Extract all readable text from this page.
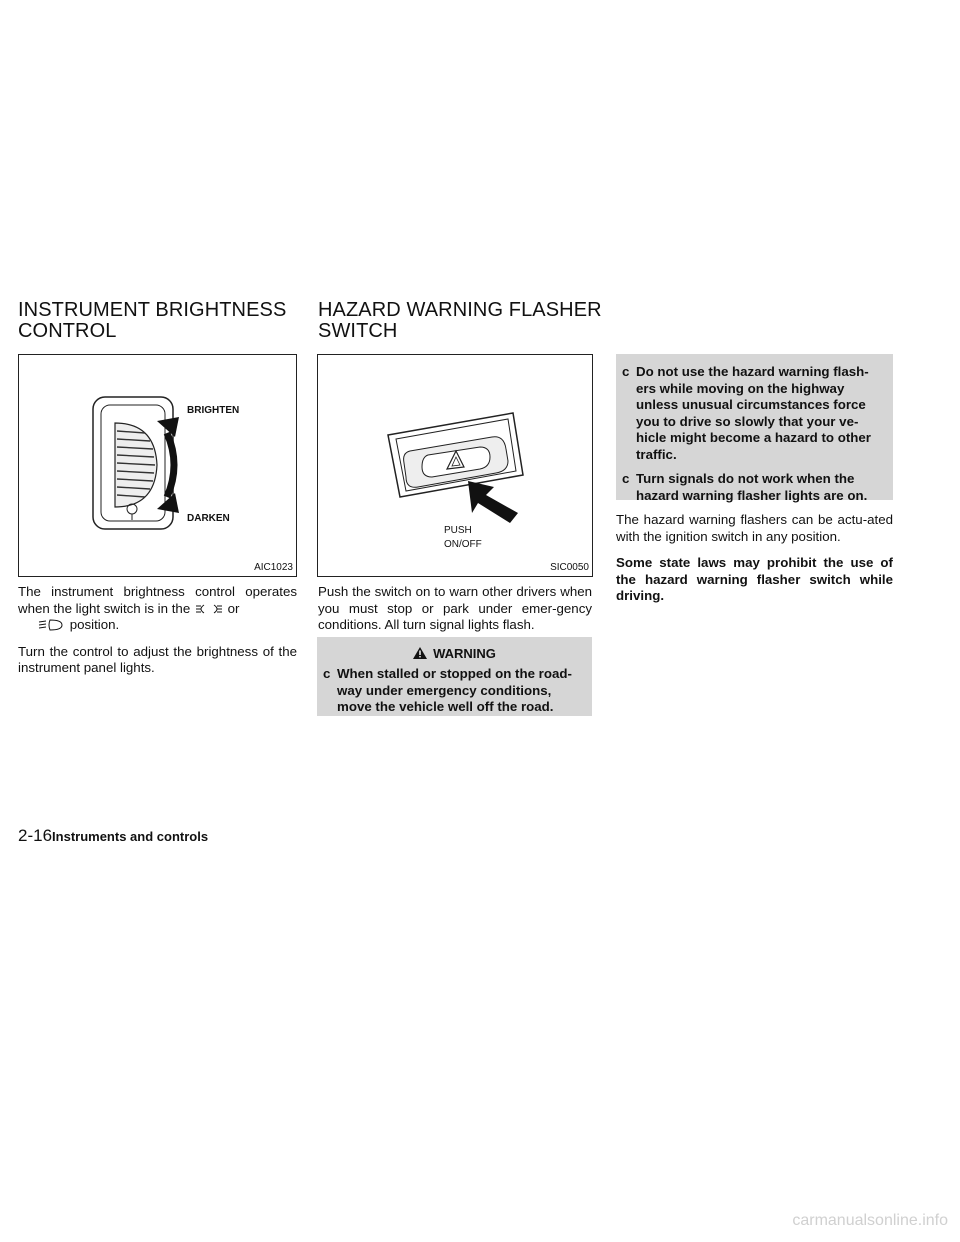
INSTRUMENT BRIGHTNESS
CONTROL
HAZARD WARNING FLASHER
SWITCH
BRIGHTEN
DARKEN
AIC1023
PUSH
ON/OFF
SIC0050

The instrument brightness control operates when the light switch is in the	or
position.

Turn the control to adjust the brightness of the instrument panel lights.

Push the switch on to warn other drivers when you must stop or park under emer-gency conditions. All turn signal lights flash.

WARNING
c When stalled or stopped on the road-way under emergency conditions, move the vehicle well off the road.
c Do not use the hazard warning flash-ers while moving on the highway unless unusual circumstances force you to drive so slowly that your ve-hicle might become a hazard to other traffic.
c Turn signals do not work when the hazard warning flasher lights are on.

The hazard warning flashers can be actu-ated with the ignition switch in any position.

Some state laws may prohibit the use of the hazard warning flasher switch while driving.

2-16Instruments and controls
carmanualsonline.info
